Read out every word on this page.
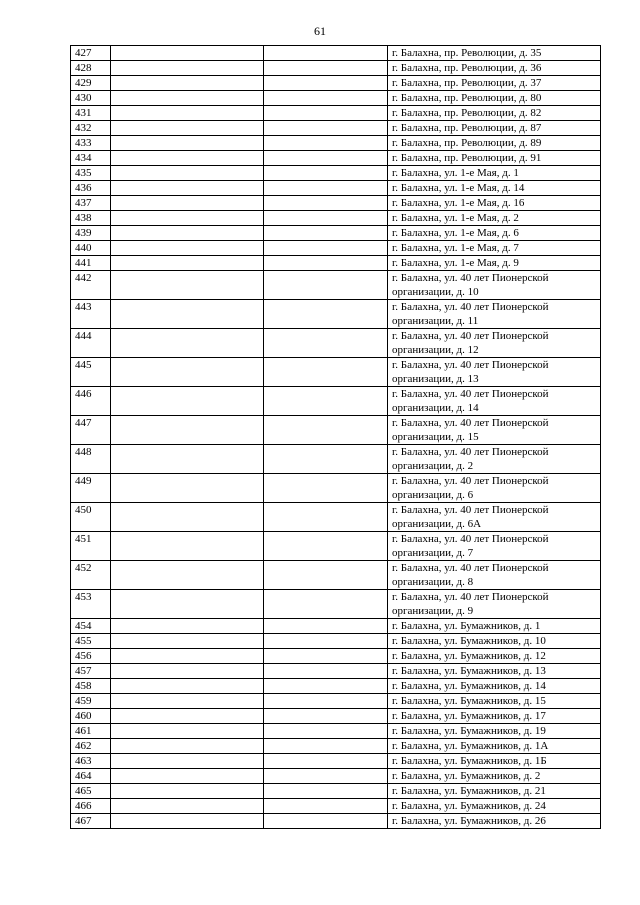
61
427			г. Балахна, пр. Революции, д. 35
428			г. Балахна, пр. Революции, д. 36
429			г. Балахна, пр. Революции, д. 37
430			г. Балахна, пр. Революции, д. 80
431			г. Балахна, пр. Революции, д. 82
432			г. Балахна, пр. Революции, д. 87
433			г. Балахна, пр. Революции, д. 89
434			г. Балахна, пр. Революции, д. 91
435			г. Балахна, ул. 1-е Мая, д. 1
436			г. Балахна, ул. 1-е Мая, д. 14
437			г. Балахна, ул. 1-е Мая, д. 16
438			г. Балахна, ул. 1-е Мая, д. 2
439			г. Балахна, ул. 1-е Мая, д. 6
440			г. Балахна, ул. 1-е Мая, д. 7
441			г. Балахна, ул. 1-е Мая, д. 9
442			г. Балахна, ул. 40 лет Пионерской организации, д. 10
443			г. Балахна, ул. 40 лет Пионерской организации, д. 11
444			г. Балахна, ул. 40 лет Пионерской организации, д. 12
445			г. Балахна, ул. 40 лет Пионерской организации, д. 13
446			г. Балахна, ул. 40 лет Пионерской организации, д. 14
447			г. Балахна, ул. 40 лет Пионерской организации, д. 15
448			г. Балахна, ул. 40 лет Пионерской организации, д. 2
449			г. Балахна, ул. 40 лет Пионерской организации, д. 6
450			г. Балахна, ул. 40 лет Пионерской организации, д. 6А
451			г. Балахна, ул. 40 лет Пионерской организации, д. 7
452			г. Балахна, ул. 40 лет Пионерской организации, д. 8
453			г. Балахна, ул. 40 лет Пионерской организации, д. 9
454			г. Балахна, ул. Бумажников, д. 1
455			г. Балахна, ул. Бумажников, д. 10
456			г. Балахна, ул. Бумажников, д. 12
457			г. Балахна, ул. Бумажников, д. 13
458			г. Балахна, ул. Бумажников, д. 14
459			г. Балахна, ул. Бумажников, д. 15
460			г. Балахна, ул. Бумажников, д. 17
461			г. Балахна, ул. Бумажников, д. 19
462			г. Балахна, ул. Бумажников, д. 1А
463			г. Балахна, ул. Бумажников, д. 1Б
464			г. Балахна, ул. Бумажников, д. 2
465			г. Балахна, ул. Бумажников, д. 21
466			г. Балахна, ул. Бумажников, д. 24
467			г. Балахна, ул. Бумажников, д. 26
